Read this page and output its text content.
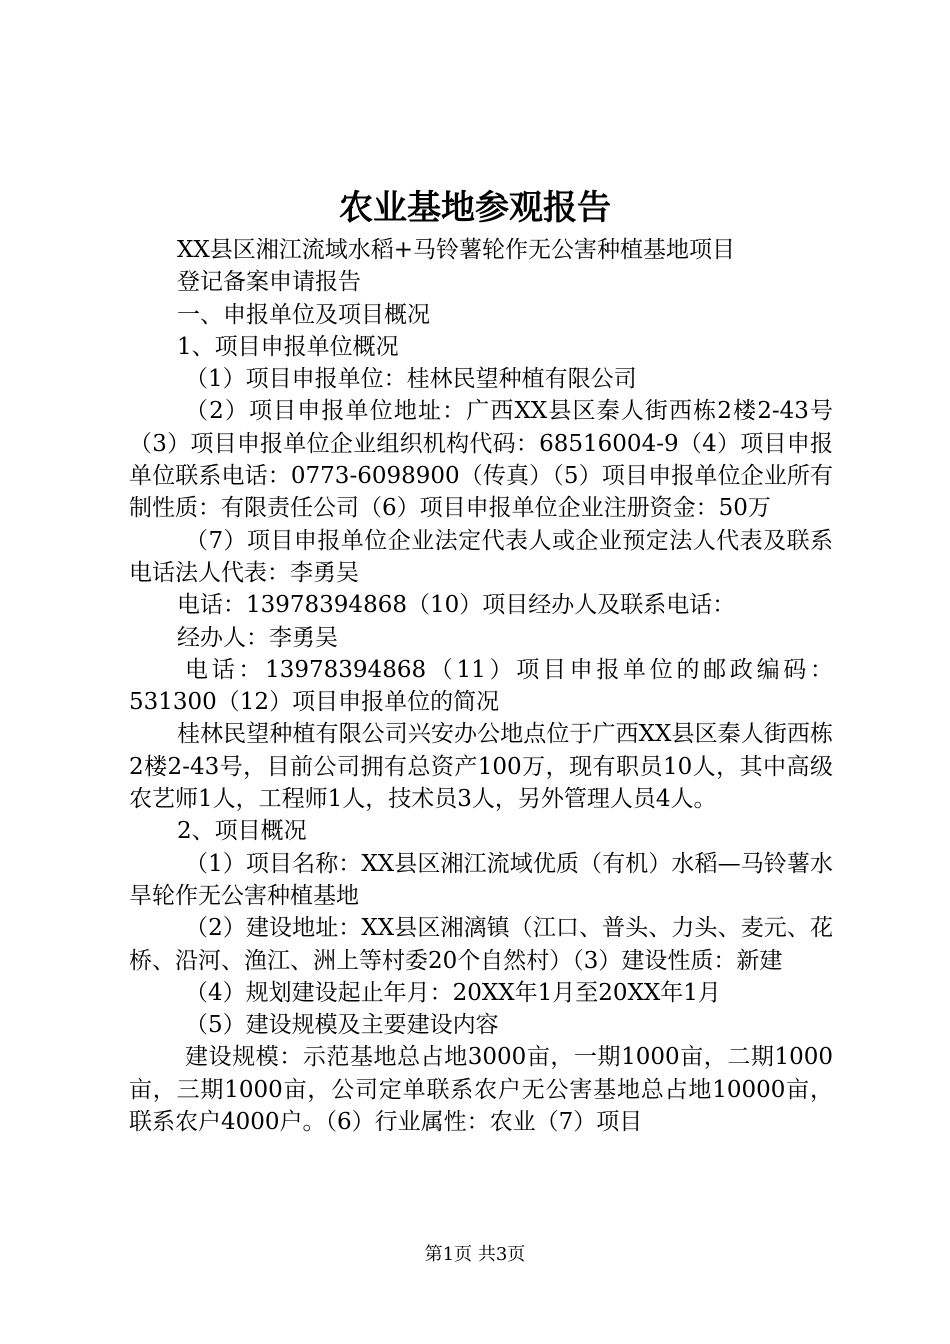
农业基地参观报告

XX县区湘江流域水稻+马铃薯轮作无公害种植基地项目

登记备案申请报告

一、申报单位及项目概况

1、项目申报单位概况

（1）项目申报单位：桂林民望种植有限公司

（2）项目申报单位地址：广西XX县区秦人街西栋2楼2-43号（3）项目申报单位企业组织机构代码：68516004-9（4）项目申报单位联系电话：0773-6098900（传真）（5）项目申报单位企业所有制性质：有限责任公司（6）项目申报单位企业注册资金：50万

（7）项目申报单位企业法定代表人或企业预定法人代表及联系电话法人代表：李勇吴

电话：13978394868（10）项目经办人及联系电话：

经办人：李勇吴

电话：13978394868（11）项目申报单位的邮政编码：531300（12）项目申报单位的简况

桂林民望种植有限公司兴安办公地点位于广西XX县区秦人街西栋2楼2-43号，目前公司拥有总资产100万，现有职员10人，其中高级农艺师1人，工程师1人，技术员3人，另外管理人员4人。

2、项目概况

（1）项目名称：XX县区湘江流域优质（有机）水稻—马铃薯水旱轮作无公害种植基地

（2）建设地址：XX县区湘漓镇（江口、普头、力头、麦元、花桥、沿河、渔江、洲上等村委20个自然村）（3）建设性质：新建

（4）规划建设起止年月：20XX年1月至20XX年1月

（5）建设规模及主要建设内容

建设规模：示范基地总占地3000亩，一期1000亩，二期1000亩，三期1000亩，公司定单联系农户无公害基地总占地10000亩，联系农户4000户。（6）行业属性：农业（7）项目

第1页 共3页
